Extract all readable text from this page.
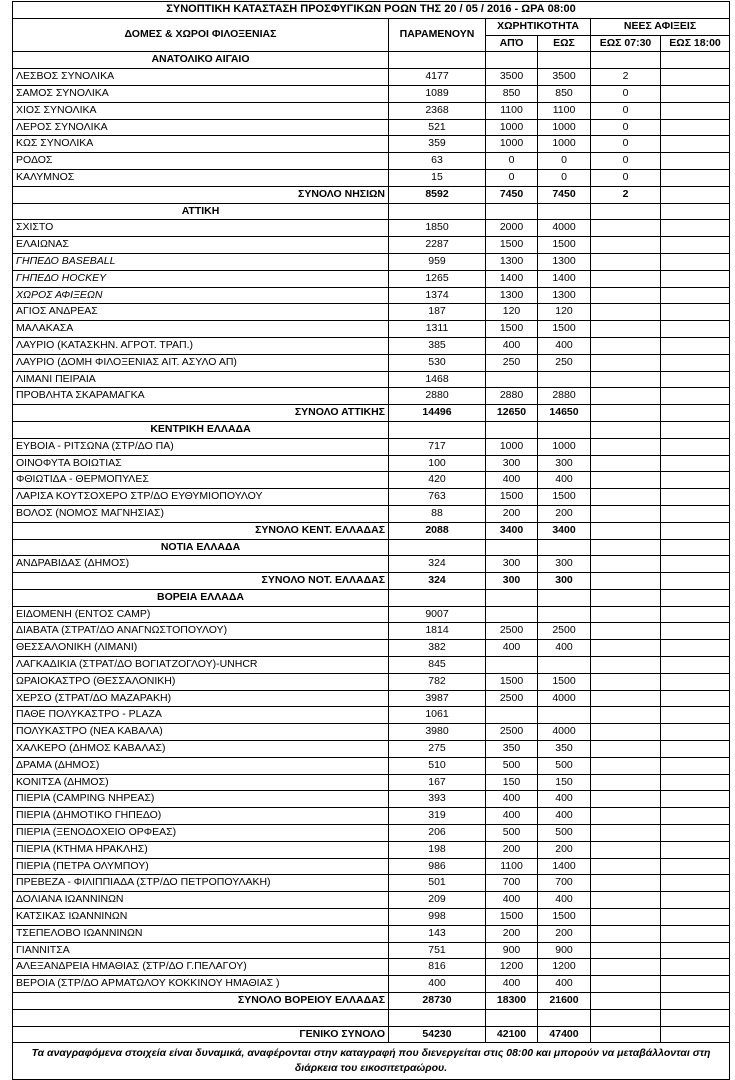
ΣΥΝΟΠΤΙΚΗ ΚΑΤΑΣΤΑΣΗ ΠΡΟΣΦΥΓΙΚΩΝ ΡΟΩΝ ΤΗΣ 20 / 05 / 2016 - ΩΡΑ 08:00					
ΔΟΜΕΣ & ΧΩΡΟΙ ΦΙΛΟΞΕΝΙΑΣ	ΠΑΡΑΜΕΝΟΥΝ	ΧΩΡΗΤΙΚΟΤΗΤΑ		ΝΕΕΣ ΑΦΙΞΕΙΣ	
		ΑΠΌ	ΕΩΣ	ΕΩΣ 07:30	ΕΩΣ 18:00
ΑΝΑΤΟΛΙΚΟ ΑΙΓΑΙΟ					
ΛΕΣΒΟΣ ΣΥΝΟΛΙΚΑ	4177	3500	3500	2	
ΣΑΜΟΣ ΣΥΝΟΛΙΚΑ	1089	850	850	0	
ΧΙΟΣ ΣΥΝΟΛΙΚΑ	2368	1100	1100	0	
ΛΕΡΟΣ ΣΥΝΟΛΙΚΑ	521	1000	1000	0	
ΚΩΣ ΣΥΝΟΛΙΚΑ	359	1000	1000	0	
ΡΟΔΟΣ	63	0	0	0	
ΚΑΛΥΜΝΟΣ	15	0	0	0	
ΣΥΝΟΛΟ ΝΗΣΙΩΝ	8592	7450	7450	2	
ΑΤΤΙΚΗ					
ΣΧΙΣΤΟ	1850	2000	4000		
ΕΛΑΙΩΝΑΣ	2287	1500	1500		
ΓΗΠΕΔΟ BASEBALL	959	1300	1300		
ΓΗΠΕΔΟ HOCKEY	1265	1400	1400		
ΧΩΡΟΣ ΑΦΙΞΕΩΝ	1374	1300	1300		
ΑΓΙΟΣ ΑΝΔΡΕΑΣ	187	120	120		
ΜΑΛΑΚΑΣΑ	1311	1500	1500		
ΛΑΥΡΙΟ (ΚΑΤΑΣΚΗΝ. ΑΓΡΟΤ. ΤΡΑΠ.)	385	400	400		
ΛΑΥΡΙΟ (ΔΟΜΗ ΦΙΛΟΞΕΝΙΑΣ ΑΙΤ. ΑΣΥΛΟ ΑΠ)	530	250	250		
ΛΙΜΑΝΙ ΠΕΙΡΑΙΑ	1468				
ΠΡΟΒΛΗΤΑ ΣΚΑΡΑΜΑΓΚΑ	2880	2880	2880		
ΣΥΝΟΛΟ ΑΤΤΙΚΗΣ	14496	12650	14650		
ΚΕΝΤΡΙΚΗ ΕΛΛΑΔΑ					
ΕΥΒΟΙΑ - ΡΙΤΣΩΝΑ (ΣΤΡ/ΔΟ ΠΑ)	717	1000	1000		
ΟΙΝΟΦΥΤΑ ΒΟΙΩΤΙΑΣ	100	300	300		
ΦΘΙΩΤΙΔΑ - ΘΕΡΜΟΠΥΛΕΣ	420	400	400		
ΛΑΡΙΣΑ ΚΟΥΤΣΟΧΕΡΟ ΣΤΡ/ΔΟ ΕΥΘΥΜΙΟΠΟΥΛΟΥ	763	1500	1500		
ΒΟΛΟΣ (ΝΟΜΟΣ ΜΑΓΝΗΣΙΑΣ)	88	200	200		
ΣΥΝΟΛΟ ΚΕΝΤ. ΕΛΛΑΔΑΣ	2088	3400	3400		
ΝΟΤΙΑ ΕΛΛΑΔΑ					
ΑΝΔΡΑΒΙΔΑΣ (ΔΗΜΟΣ)	324	300	300		
ΣΥΝΟΛΟ ΝΟΤ. ΕΛΛΑΔΑΣ	324	300	300		
ΒΟΡΕΙΑ ΕΛΛΑΔΑ					
ΕΙΔΟΜΕΝΗ (ΕΝΤΟΣ CAMP)	9007				
ΔΙΑΒΑΤΑ (ΣΤΡΑΤ/ΔΟ ΑΝΑΓΝΩΣΤΟΠΟΥΛΟΥ)	1814	2500	2500		
ΘΕΣΣΑΛΟΝΙΚΗ (ΛΙΜΑΝΙ)	382	400	400		
ΛΑΓΚΑΔΙΚΙΑ (ΣΤΡΑΤ/ΔΟ ΒΟΓΙΑΤΖΟΓΛΟΥ)-UNHCR	845				
ΩΡΑΙΟΚΑΣΤΡΟ (ΘΕΣΣΑΛΟΝΙΚΗ)	782	1500	1500		
ΧΕΡΣΟ (ΣΤΡΑΤ/ΔΟ ΜΑΖΑΡΑΚΗ)	3987	2500	4000		
ΠΑΘΕ ΠΟΛΥΚΑΣΤΡΟ - PLAZA	1061				
ΠΟΛΥΚΑΣΤΡΟ (ΝΕΑ ΚΑΒΑΛΑ)	3980	2500	4000		
ΧΑΛΚΕΡΟ (ΔΗΜΟΣ ΚΑΒΑΛΑΣ)	275	350	350		
ΔΡΑΜΑ (ΔΗΜΟΣ)	510	500	500		
ΚΟΝΙΤΣΑ (ΔΗΜΟΣ)	167	150	150		
ΠΙΕΡΙΑ (CAMPING ΝΗΡΕΑΣ)	393	400	400		
ΠΙΕΡΙΑ (ΔΗΜΟΤΙΚΟ ΓΗΠΕΔΟ)	319	400	400		
ΠΙΕΡΙΑ (ΞΕΝΟΔΟΧΕΙΟ ΟΡΦΕΑΣ)	206	500	500		
ΠΙΕΡΙΑ (ΚΤΗΜΑ ΗΡΑΚΛΗΣ)	198	200	200		
ΠΙΕΡΙΑ (ΠΕΤΡΑ ΟΛΥΜΠΟΥ)	986	1100	1400		
ΠΡΕΒΕΖΑ - ΦΙΛΙΠΠΙΑΔΑ (ΣΤΡ/ΔΟ ΠΕΤΡΟΠΟΥΛΑΚΗ)	501	700	700		
ΔΟΛΙΑΝΑ ΙΩΑΝΝΙΝΩΝ	209	400	400		
ΚΑΤΣΙΚΑΣ ΙΩΑΝΝΙΝΩΝ	998	1500	1500		
ΤΣΕΠΕΛΟΒΟ ΙΩΑΝΝΙΝΩΝ	143	200	200		
ΓΙΑΝΝΙΤΣΑ	751	900	900		
ΑΛΕΞΑΝΔΡΕΙΑ ΗΜΑΘΙΑΣ (ΣΤΡ/ΔΟ Γ.ΠΕΛΑΓΟΥ)	816	1200	1200		
ΒΕΡΟΙΑ (ΣΤΡ/ΔΟ ΑΡΜΑΤΩΛΟΥ ΚΟΚΚΙΝΟΥ ΗΜΑΘΙΑΣ )	400	400	400		
ΣΥΝΟΛΟ ΒΟΡΕΙΟΥ ΕΛΛΑΔΑΣ	28730	18300	21600		

ΓΕΝΙΚΟ ΣΥΝΟΛΟ	54230	42100	47400		
Τα αναγραφόμενα στοιχεία είναι δυναμικά, αναφέρονται στην καταγραφή που διενεργείται στις 08:00 και μπορούν να μεταβάλλονται στη διάρκεια του εικοσιτετραώρου.					
